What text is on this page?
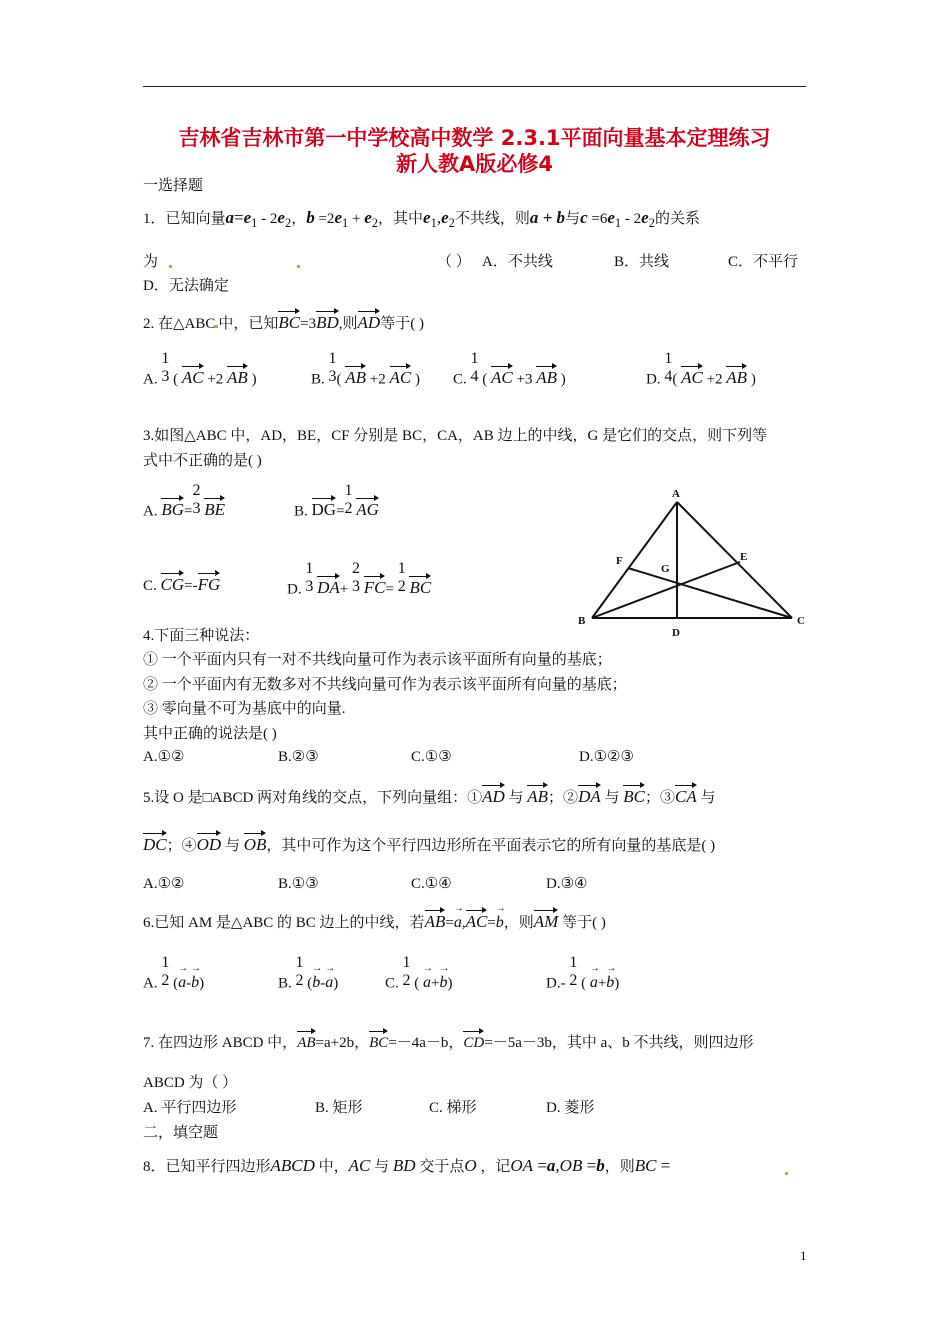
吉林省吉林市第一中学校高中数学 2.3.1平面向量基本定理练习
新人教A版必修4
一选择题
1．已知向量$a=e_1 - 2e_2$，$b =2e_1 + e_2$，其中$e_1,e_2$不共线，则a + b与$c =6e_1 - 2e_2$的关系
为	（ ） A．不共线	B．共线	C．不平行
D．无法确定
2. 在△ABC 中，已知BC=3BD,则AD等于( )
A.
1
3 ( AC +2 AB )	B.
1
3 ( AB +2 AC ) C.
1
4 ( AC +3 AB )	D.
1
4 ( AC +2 AB )
3.如图△ABC 中，AD，BE，CF 分别是 BC，CA，AB 边上的中线，G 是它们的交点，则下列等
式中不正确的是( )
A. BG=
2
3 BE	B. DG=
1
2 AG
C. CG=-FG	D.
1
3 DA+
2
3 FC=
1
2 BC
A
B	C
D
E
F
G
4.下面三种说法：
① 一个平面内只有一对不共线向量可作为表示该平面所有向量的基底；
② 一个平面内有无数多对不共线向量可作为表示该平面所有向量的基底；
③ 零向量不可为基底中的向量.
其中正确的说法是( )
A.①②	B.②③	C.①③	D.①②③
5.设 O 是□ABCD 两对角线的交点，下列向量组：①AD 与 AB；②DA 与 BC；③CA 与
DC；④OD 与 OB，其中可作为这个平行四边形所在平面表示它的所有向量的基底是( )
A.①②	B.①③	C.①④	D.③④
6.已知 AM 是△ABC 的 BC 边上的中线，若AB=→ a,AC=→ b，则AM 等于( )
A.
1
2 (→ a-→ b)	B.
1
2 (→ b-→ a)	C.
1
2 ( → a+→ b)	D.-
1
2 ( → a+→ b)
7. 在四边形 ABCD 中，AB=a+2b，BC=－4a－b，CD=－5a－3b，其中 a、b 不共线，则四边形
ABCD 为（ ）
A. 平行四边形	B. 矩形	C. 梯形	D. 菱形
二，填空题
8．已知平行四边形ABCD 中，AC 与 BD 交于点O ，记OA =a,OB =b，则BC =
1
